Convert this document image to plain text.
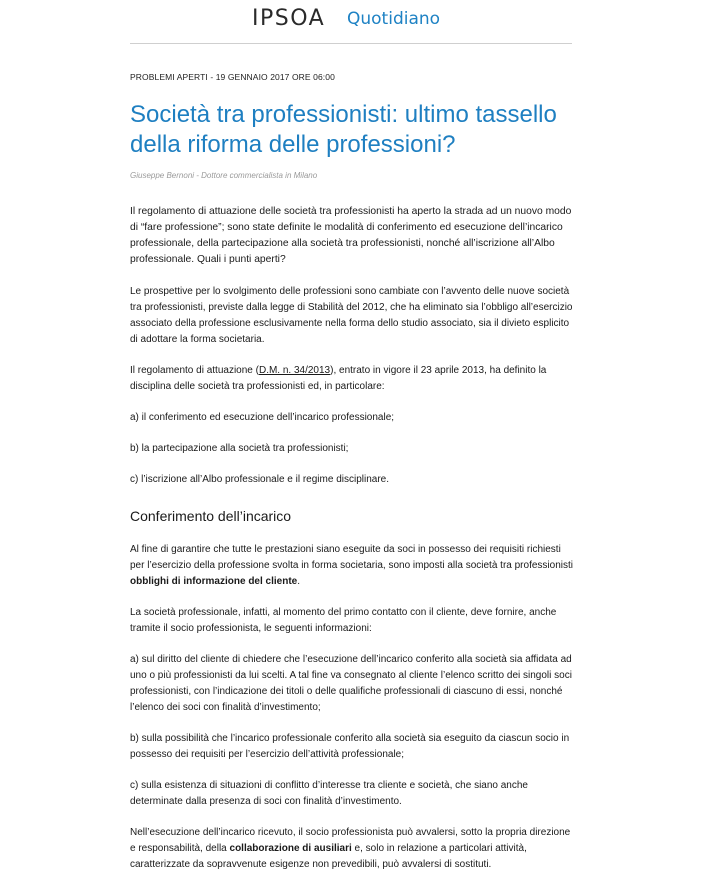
IPSOA Quotidiano
PROBLEMI APERTI - 19 GENNAIO 2017 ORE 06:00
Società tra professionisti: ultimo tassello della riforma delle professioni?
Giuseppe Bernoni - Dottore commercialista in Milano

Il regolamento di attuazione delle società tra professionisti ha aperto la strada ad un nuovo modo di “fare professione”; sono state definite le modalità di conferimento ed esecuzione dell’incarico professionale, della partecipazione alla società tra professionisti, nonché all’iscrizione all’Albo professionale. Quali i punti aperti?

Le prospettive per lo svolgimento delle professioni sono cambiate con l’avvento delle nuove società tra professionisti, previste dalla legge di Stabilità del 2012, che ha eliminato sia l’obbligo all’esercizio associato della professione esclusivamente nella forma dello studio associato, sia il divieto esplicito di adottare la forma societaria.

Il regolamento di attuazione (D.M. n. 34/2013), entrato in vigore il 23 aprile 2013, ha definito la disciplina delle società tra professionisti ed, in particolare:

a) il conferimento ed esecuzione dell’incarico professionale;

b) la partecipazione alla società tra professionisti;

c) l’iscrizione all’Albo professionale e il regime disciplinare.

Conferimento dell’incarico

Al fine di garantire che tutte le prestazioni siano eseguite da soci in possesso dei requisiti richiesti per l’esercizio della professione svolta in forma societaria, sono imposti alla società tra professionisti obblighi di informazione del cliente.

La società professionale, infatti, al momento del primo contatto con il cliente, deve fornire, anche tramite il socio professionista, le seguenti informazioni:

a) sul diritto del cliente di chiedere che l’esecuzione dell’incarico conferito alla società sia affidata ad uno o più professionisti da lui scelti. A tal fine va consegnato al cliente l’elenco scritto dei singoli soci professionisti, con l’indicazione dei titoli o delle qualifiche professionali di ciascuno di essi, nonché l’elenco dei soci con finalità d’investimento;

b) sulla possibilità che l’incarico professionale conferito alla società sia eseguito da ciascun socio in possesso dei requisiti per l’esercizio dell’attività professionale;

c) sulla esistenza di situazioni di conflitto d’interesse tra cliente e società, che siano anche determinate dalla presenza di soci con finalità d’investimento.

Nell’esecuzione dell’incarico ricevuto, il socio professionista può avvalersi, sotto la propria direzione e responsabilità, della collaborazione di ausiliari e, solo in relazione a particolari attività, caratterizzate da sopravvenute esigenze non prevedibili, può avvalersi di sostituti.
